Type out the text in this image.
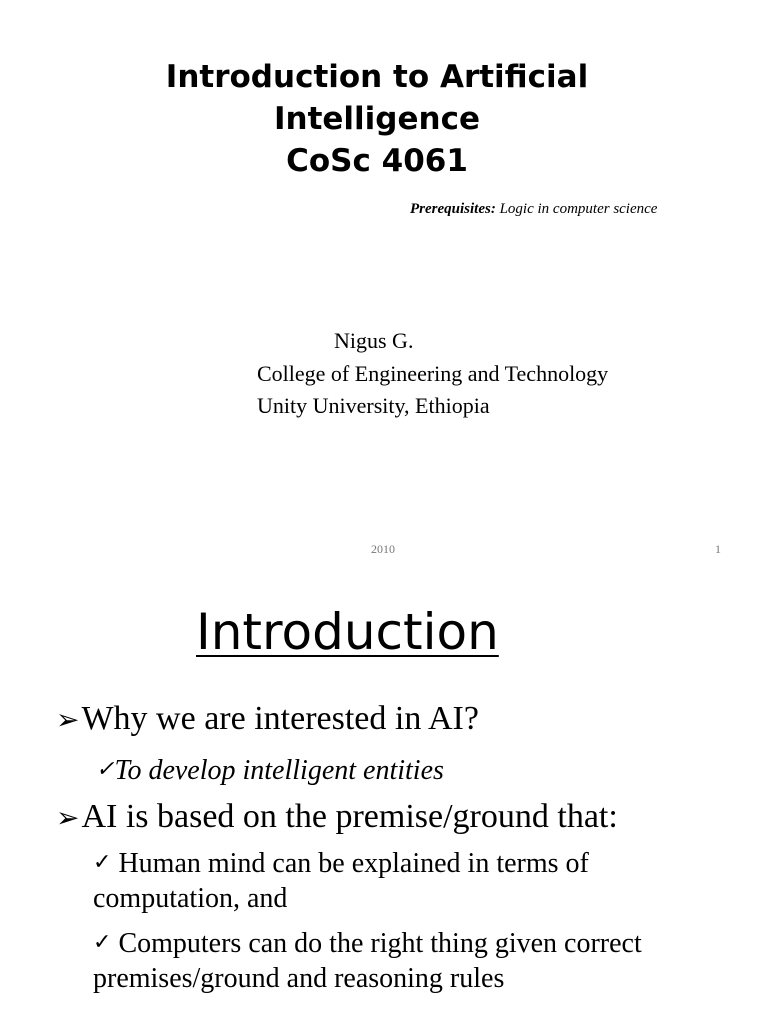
Introduction to Artificial
Intelligence
CoSc 4061
Prerequisites: Logic in computer science
Nigus G.
College of Engineering and Technology
Unity University, Ethiopia
2010	1
Introduction
➢Why we are interested in AI?
✓To develop intelligent entities
➢AI is based on the premise/ground that:
✓ Human mind can be explained in terms of computation, and
✓ Computers can do the right thing given correct premises/ground and reasoning rules
